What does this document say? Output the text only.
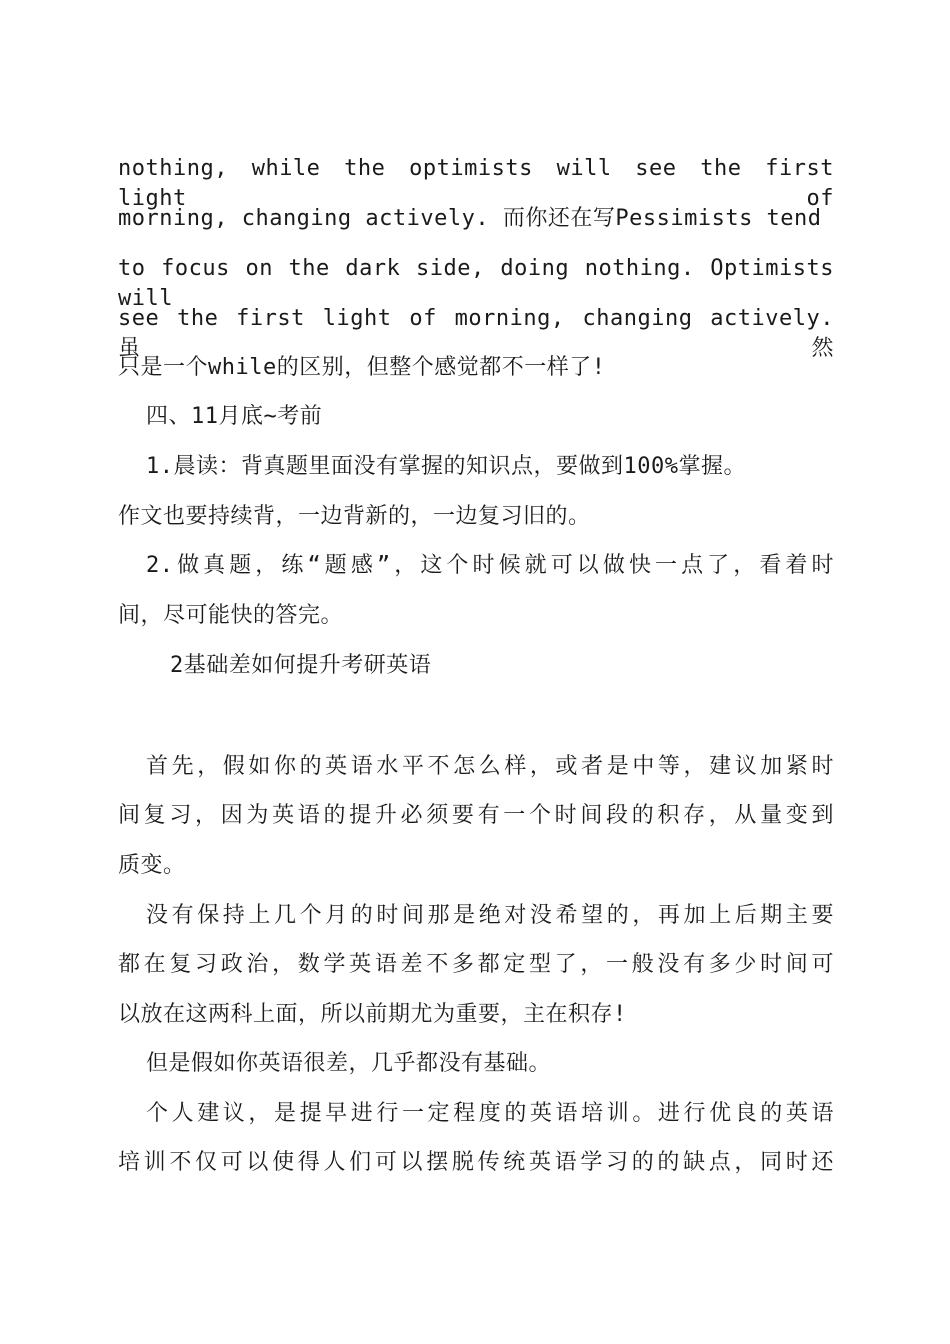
nothing, while the optimists will see the first light of

morning, changing actively. 而你还在写Pessimists tend

to focus on the dark side, doing nothing. Optimists will

see the first light of morning, changing actively. 虽然

只是一个while的区别，但整个感觉都不一样了!

四、11月底~考前

1.晨读：背真题里面没有掌握的知识点，要做到100%掌握。

作文也要持续背，一边背新的，一边复习旧的。

2.做真题，练“题感”，这个时候就可以做快一点了，看着时

间，尽可能快的答完。

2基础差如何提升考研英语

首先，假如你的英语水平不怎么样，或者是中等，建议加紧时

间复习，因为英语的提升必须要有一个时间段的积存，从量变到

质变。

没有保持上几个月的时间那是绝对没希望的，再加上后期主要

都在复习政治，数学英语差不多都定型了，一般没有多少时间可

以放在这两科上面，所以前期尤为重要，主在积存!

但是假如你英语很差，几乎都没有基础。

个人建议，是提早进行一定程度的英语培训。进行优良的英语

培训不仅可以使得人们可以摆脱传统英语学习的的缺点，同时还
